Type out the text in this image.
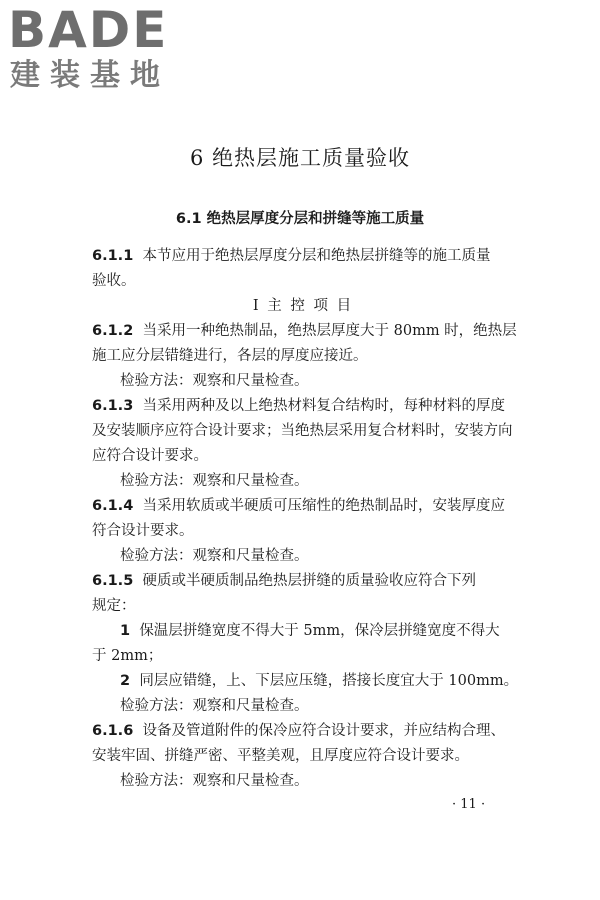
BADE
建装基地
6 绝热层施工质量验收
6.1 绝热层厚度分层和拼缝等施工质量
6.1.1 本节应用于绝热层厚度分层和绝热层拼缝等的施工质量
验收。
Ⅰ 主 控 项 目
6.1.2 当采用一种绝热制品，绝热层厚度大于 80mm 时，绝热层
施工应分层错缝进行，各层的厚度应接近。
检验方法：观察和尺量检查。
6.1.3 当采用两种及以上绝热材料复合结构时，每种材料的厚度
及安装顺序应符合设计要求；当绝热层采用复合材料时，安装方向
应符合设计要求。
检验方法：观察和尺量检查。
6.1.4 当采用软质或半硬质可压缩性的绝热制品时，安装厚度应
符合设计要求。
检验方法：观察和尺量检查。
6.1.5 硬质或半硬质制品绝热层拼缝的质量验收应符合下列
规定：
1 保温层拼缝宽度不得大于 5mm，保冷层拼缝宽度不得大
于 2mm；
2 同层应错缝，上、下层应压缝，搭接长度宜大于 100mm。
检验方法：观察和尺量检查。
6.1.6 设备及管道附件的保冷应符合设计要求，并应结构合理、
安装牢固、拼缝严密、平整美观，且厚度应符合设计要求。
检验方法：观察和尺量检查。
· 11 ·
